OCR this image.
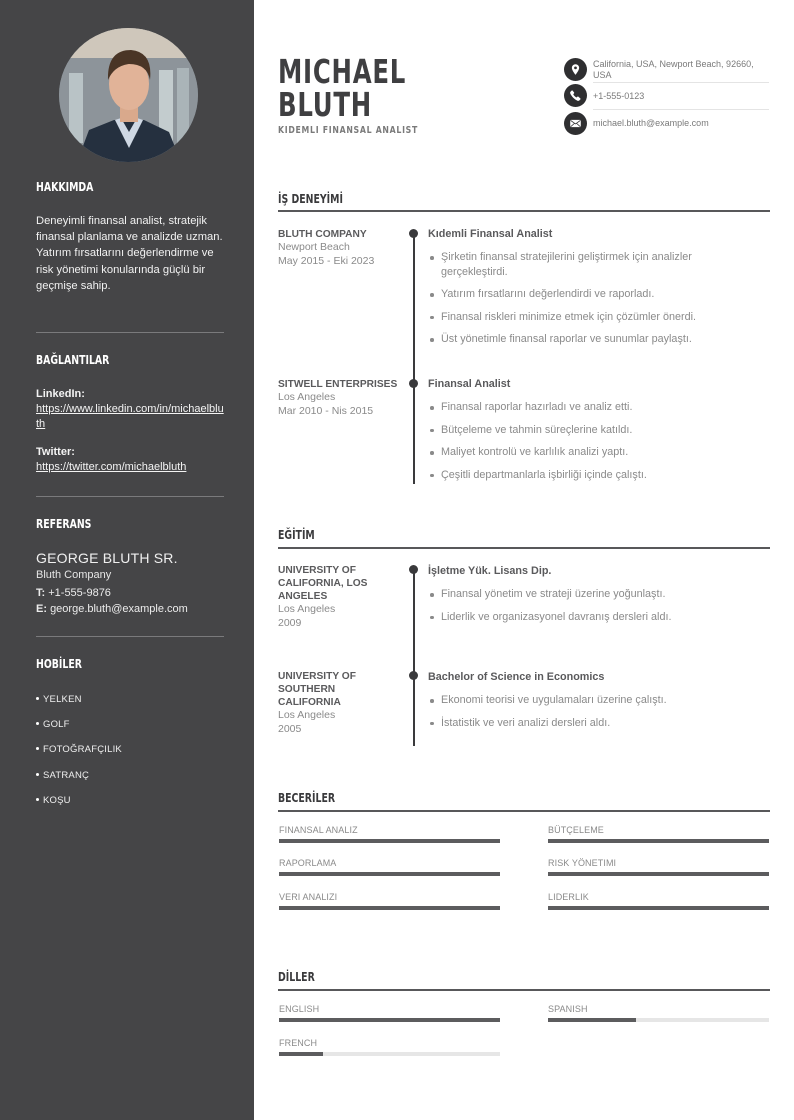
HAKKIMDA

Deneyimli finansal analist, stratejik finansal planlama ve analizde uzman. Yatırım fırsatlarını değerlendirme ve risk yönetimi konularında güçlü bir geçmişe sahip.

BAĞLANTILAR
LinkedIn:
https://www.linkedin.com/in/michaelbluth
Twitter:
https://twitter.com/michaelbluth
REFERANS
GEORGE BLUTH SR.
Bluth Company
T: +1-555-9876
E: george.bluth@example.com
HOBİLER
YELKEN
GOLF
FOTOĞRAFÇILIK
SATRANÇ
KOŞU
MICHAEL
BLUTH
KIDEMLI FINANSAL ANALIST
California, USA, Newport Beach, 92660, USA
+1-555-0123
michael.bluth@example.com
İŞ DENEYİMİ
BLUTH COMPANY
Newport Beach
May 2015 - Eki 2023
Kıdemli Finansal Analist
Şirketin finansal stratejilerini geliştirmek için analizler gerçekleştirdi.
Yatırım fırsatlarını değerlendirdi ve raporladı.
Finansal riskleri minimize etmek için çözümler önerdi.
Üst yönetimle finansal raporlar ve sunumlar paylaştı.
SITWELL ENTERPRISES
Los Angeles
Mar 2010 - Nis 2015
Finansal Analist
Finansal raporlar hazırladı ve analiz etti.
Bütçeleme ve tahmin süreçlerine katıldı.
Maliyet kontrolü ve karlılık analizi yaptı.
Çeşitli departmanlarla işbirliği içinde çalıştı.
EĞİTİM
UNIVERSITY OF CALIFORNIA, LOS ANGELES
Los Angeles
2009
İşletme Yük. Lisans Dip.
Finansal yönetim ve strateji üzerine yoğunlaştı.
Liderlik ve organizasyonel davranış dersleri aldı.
UNIVERSITY OF SOUTHERN CALIFORNIA
Los Angeles
2005
Bachelor of Science in Economics
Ekonomi teorisi ve uygulamaları üzerine çalıştı.
İstatistik ve veri analizi dersleri aldı.
BECERİLER
FINANSAL ANALIZ	BÜTÇELEME
RAPORLAMA	RISK YÖNETIMI
VERI ANALIZI	LIDERLIK
DİLLER
ENGLISH	SPANISH
FRENCH
